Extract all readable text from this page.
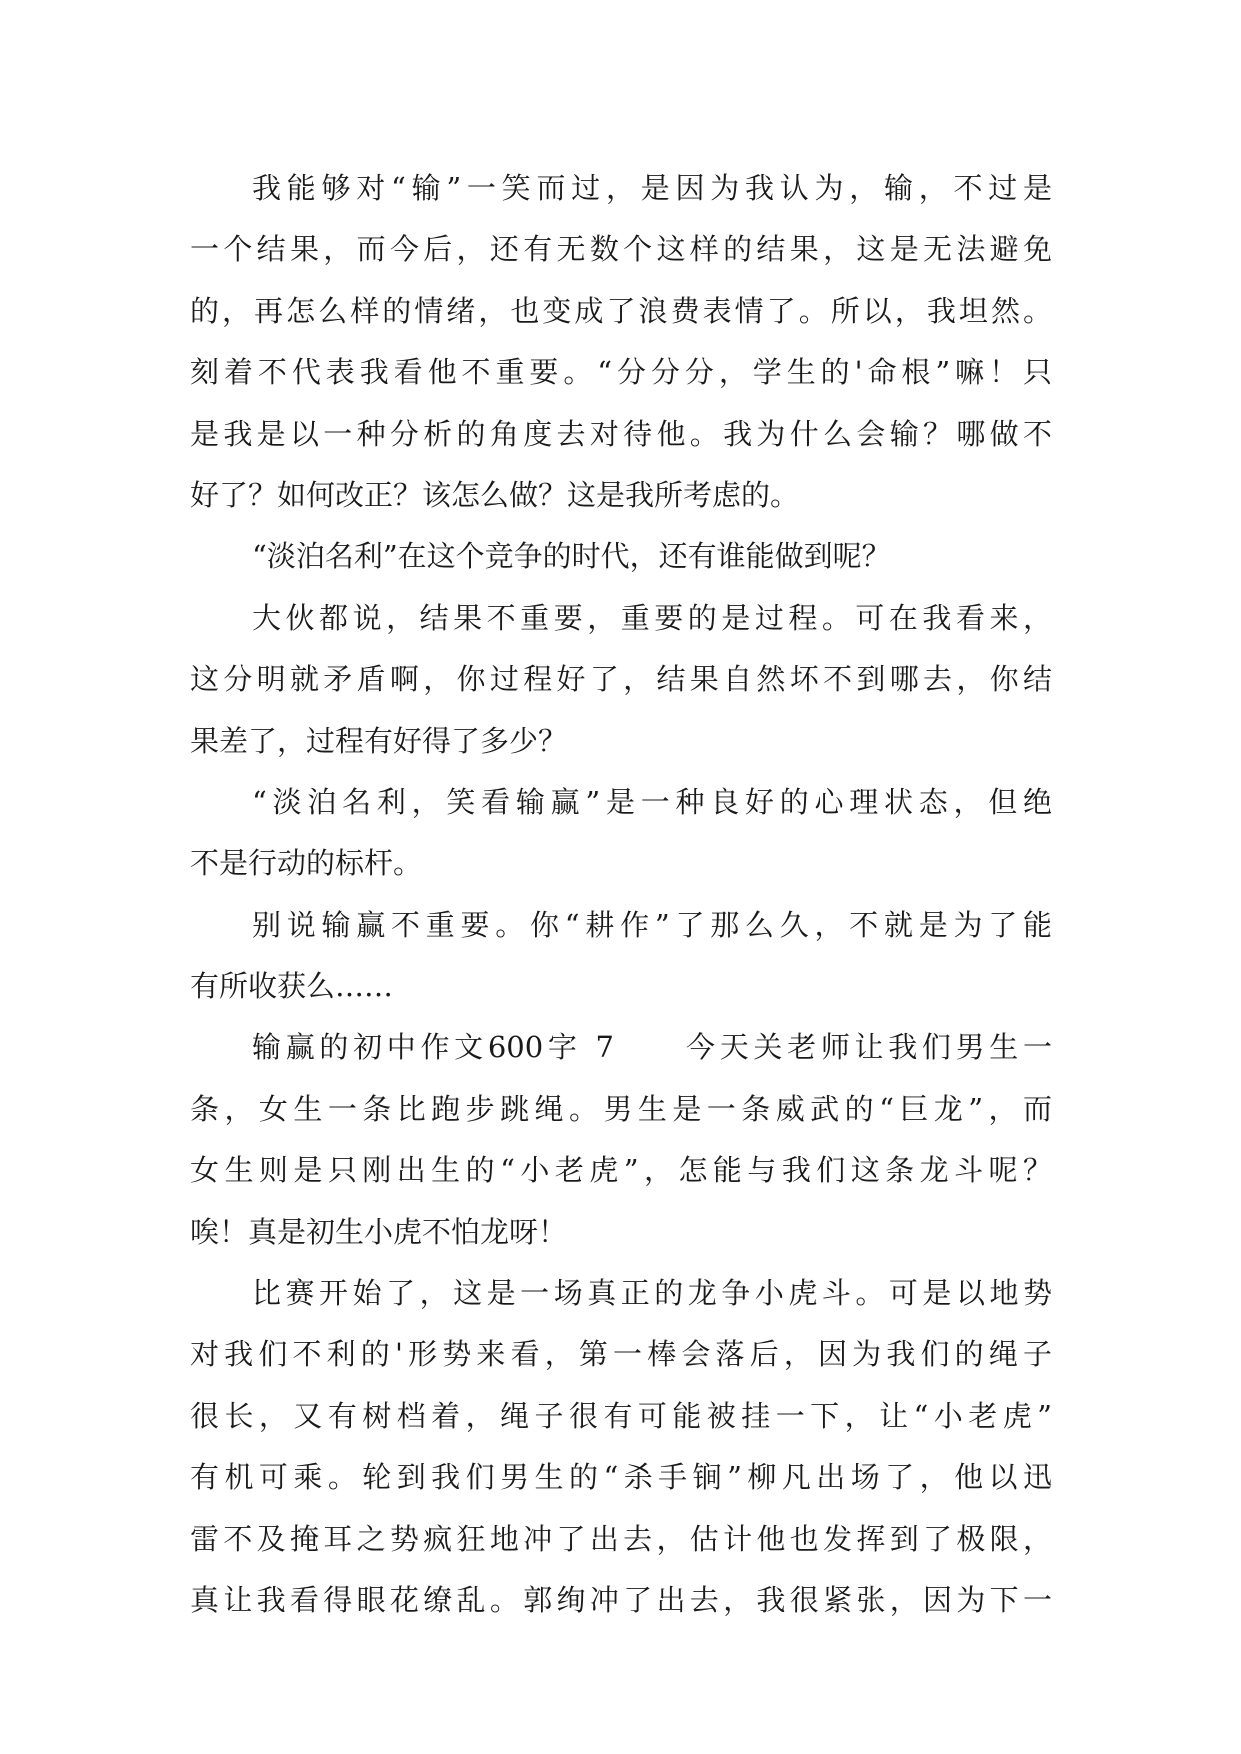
我能够对“输”一笑而过，是因为我认为，输，不过是
一个结果，而今后，还有无数个这样的结果，这是无法避免
的，再怎么样的情绪，也变成了浪费表情了。所以，我坦然。
刻着不代表我看他不重要。“分分分，学生的'命根”嘛！只
是我是以一种分析的角度去对待他。我为什么会输？哪做不
好了？如何改正？该怎么做？这是我所考虑的。
“淡泊名利”在这个竞争的时代，还有谁能做到呢？
大伙都说，结果不重要，重要的是过程。可在我看来，
这分明就矛盾啊，你过程好了，结果自然坏不到哪去，你结
果差了，过程有好得了多少？
“淡泊名利，笑看输赢”是一种良好的心理状态，但绝
不是行动的标杆。
别说输赢不重要。你“耕作”了那么久，不就是为了能
有所收获么……
输赢的初中作文600字 7　　今天关老师让我们男生一
条，女生一条比跑步跳绳。男生是一条威武的“巨龙”，而
女生则是只刚出生的“小老虎”，怎能与我们这条龙斗呢？
唉！真是初生小虎不怕龙呀！
比赛开始了，这是一场真正的龙争小虎斗。可是以地势
对我们不利的'形势来看，第一棒会落后，因为我们的绳子
很长，又有树档着，绳子很有可能被挂一下，让“小老虎”
有机可乘。轮到我们男生的“杀手锏”柳凡出场了，他以迅
雷不及掩耳之势疯狂地冲了出去，估计他也发挥到了极限，
真让我看得眼花缭乱。郭绚冲了出去，我很紧张，因为下一
